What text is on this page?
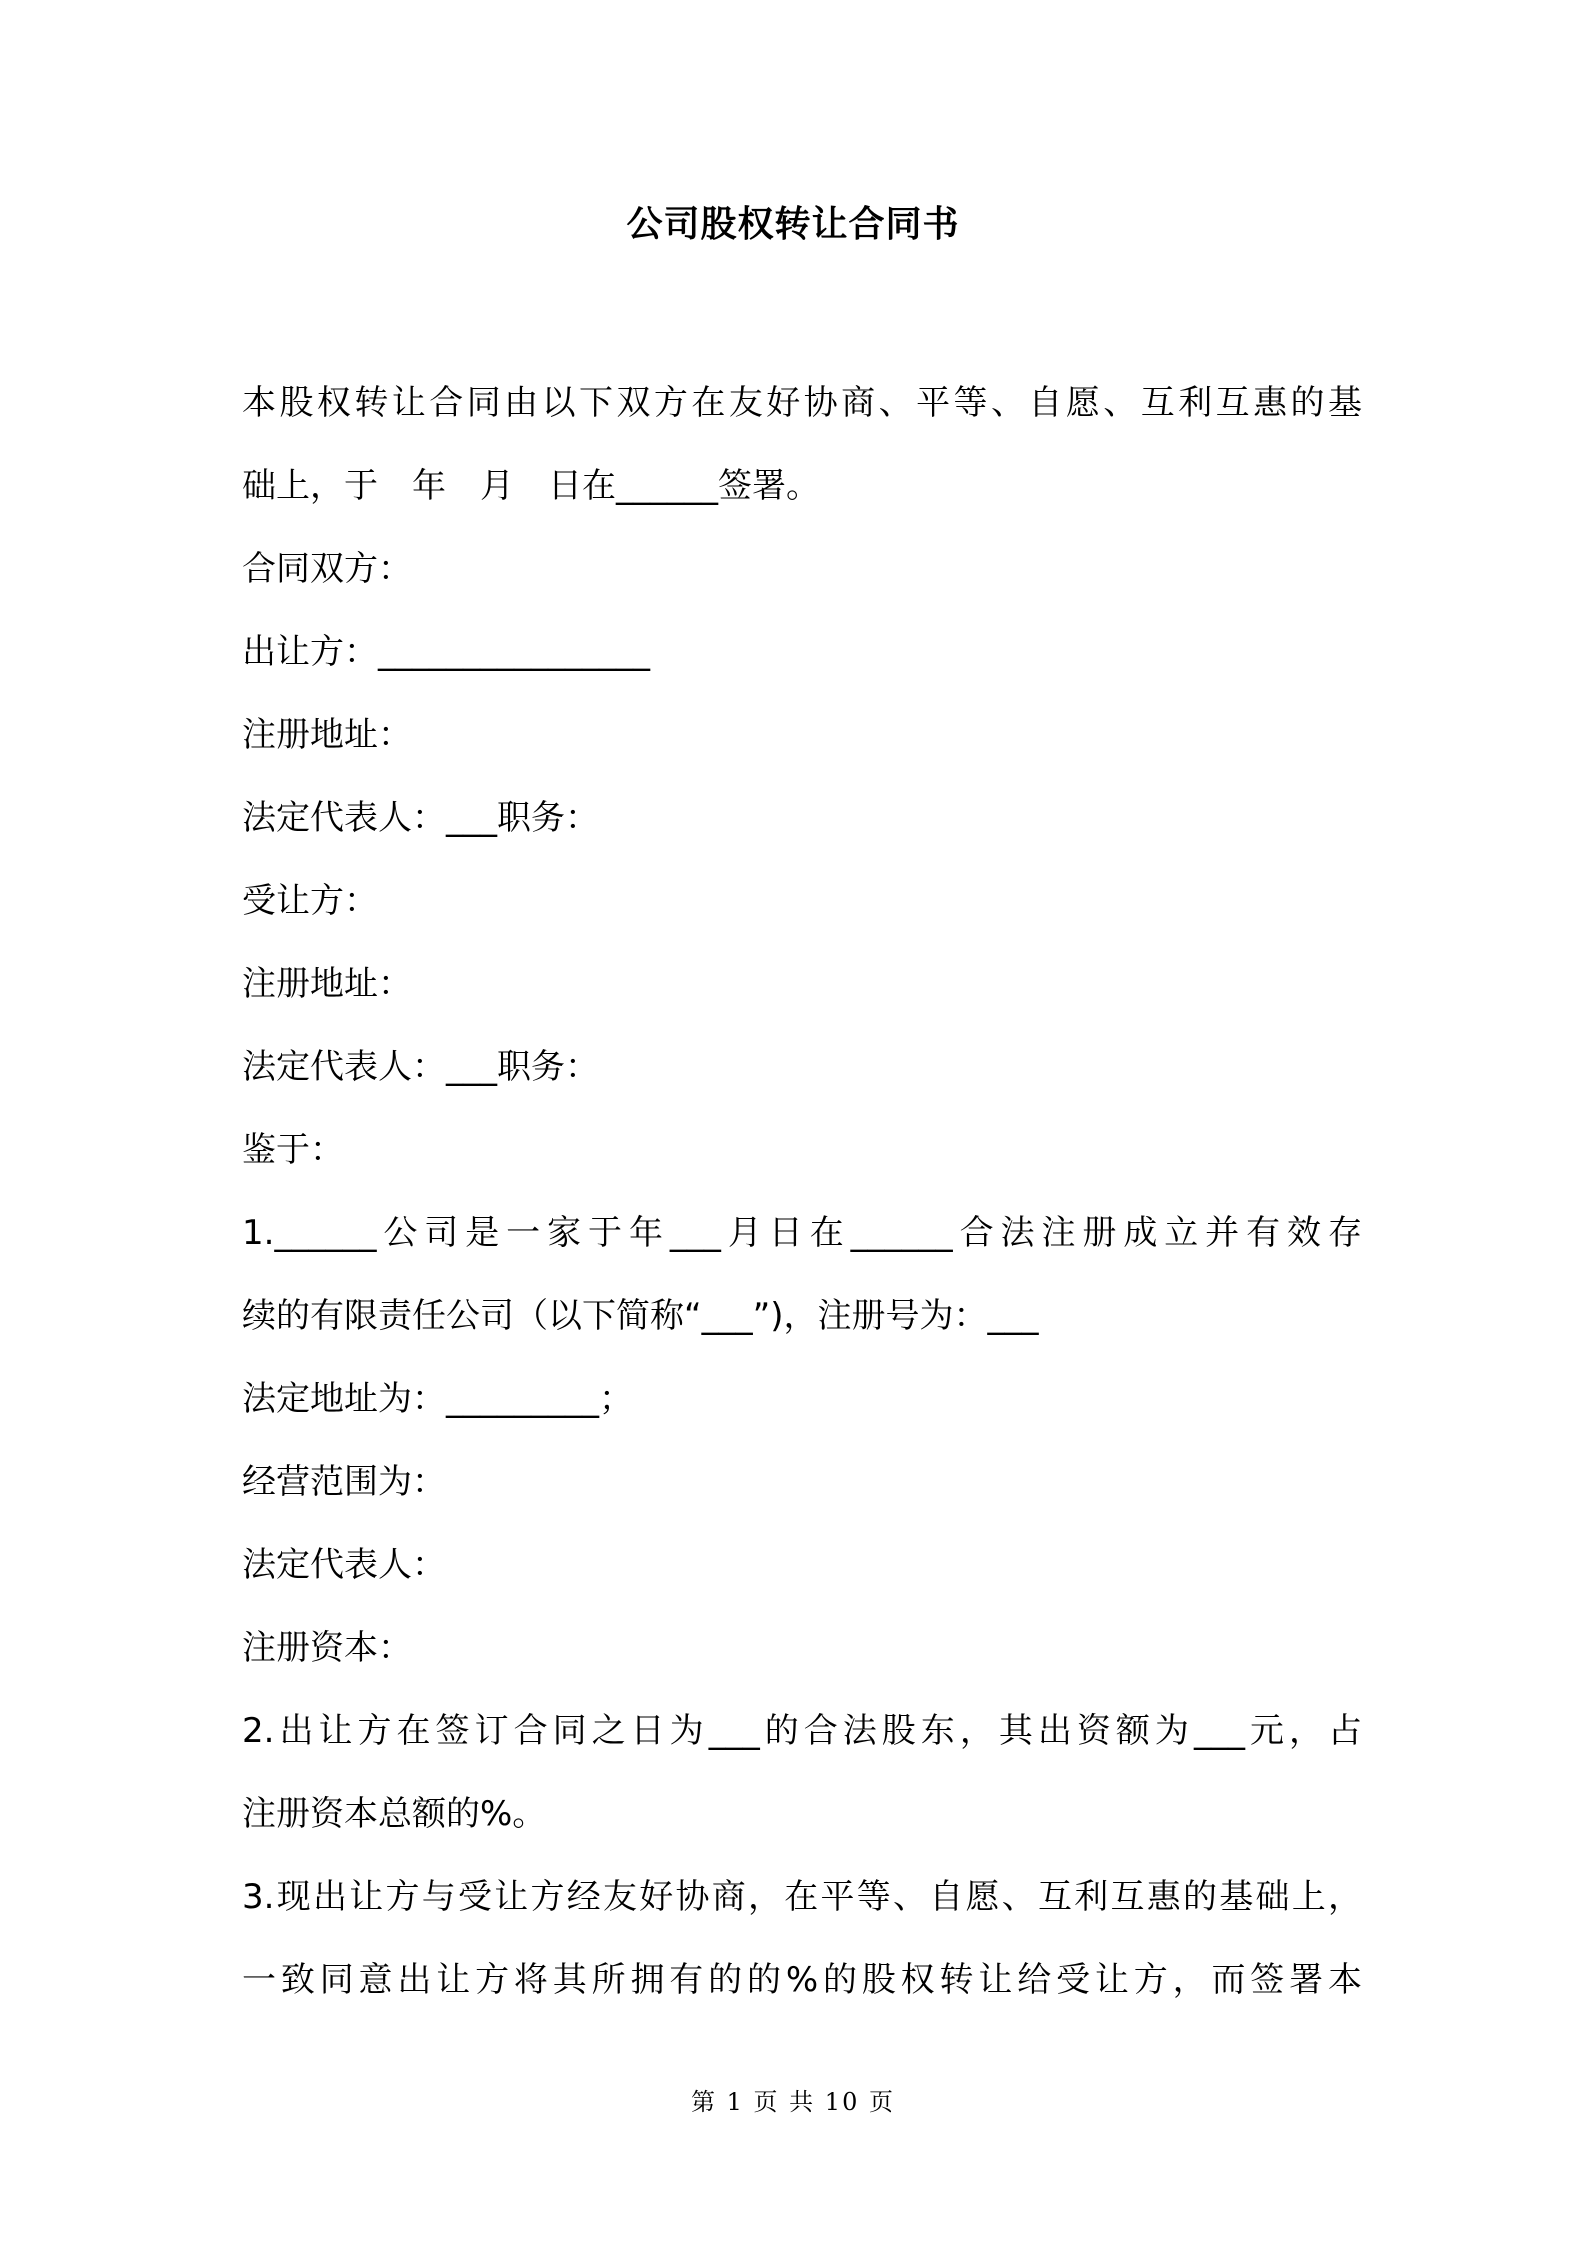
公司股权转让合同书
本股权转让合同由以下双方在友好协商、平等、自愿、互利互惠的基
础上，于　年　月　日在______签署。
合同双方：
出让方：________________
注册地址：
法定代表人：___职务：
受让方：
注册地址：
法定代表人：___职务：
鉴于：
1.______公司是一家于年___月日在______合法注册成立并有效存
续的有限责任公司（以下简称“___”)，注册号为：___
法定地址为：_________；
经营范围为：
法定代表人：
注册资本：
2.出让方在签订合同之日为___的合法股东，其出资额为___元，占
注册资本总额的%。
3.现出让方与受让方经友好协商，在平等、自愿、互利互惠的基础上，
一致同意出让方将其所拥有的的%的股权转让给受让方，而签署本
第 1 页 共 10 页
